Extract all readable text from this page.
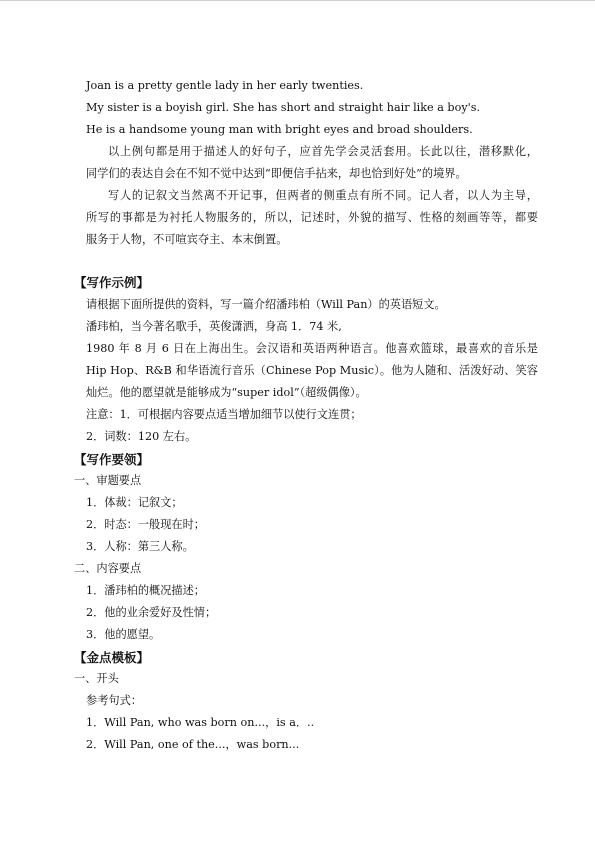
Joan is a pretty gentle lady in her early twenties.
My sister is a boyish girl. She has short and straight hair like a boy's.
He is a handsome young man with bright eyes and broad shoulders.
以上例句都是用于描述人的好句子，应首先学会灵活套用。长此以往，潜移默化，
同学们的表达自会在不知不觉中达到“即便信手拈来，却也恰到好处”的境界。
写人的记叙文当然离不开记事，但两者的侧重点有所不同。记人者，以人为主导，
所写的事都是为衬托人物服务的，所以，记述时，外貌的描写、性格的刻画等等，都要
服务于人物，不可喧宾夺主、本末倒置。
【写作示例】
请根据下面所提供的资料，写一篇介绍潘玮柏（Will Pan）的英语短文。
潘玮柏，当今著名歌手，英俊潇洒，身高 1．74 米,
1980 年 8 月 6 日在上海出生。会汉语和英语两种语言。他喜欢篮球，最喜欢的音乐是
Hip Hop、R&B 和华语流行音乐（Chinese Pop Music）。他为人随和、活泼好动、笑容
灿烂。他的愿望就是能够成为“super idol”（超级偶像）。
注意：1．可根据内容要点适当增加细节以使行文连贯；
2．词数：120 左右。
【写作要领】
一、审题要点
1．体裁：记叙文；
2．时态：一般现在时；
3．人称：第三人称。
二、内容要点
1．潘玮柏的概况描述；
2．他的业余爱好及性情；
3．他的愿望。
【金点模板】
一、开头
参考句式：
1．Will Pan, who was born on...，is a．..
2．Will Pan, one of the...，was born...
